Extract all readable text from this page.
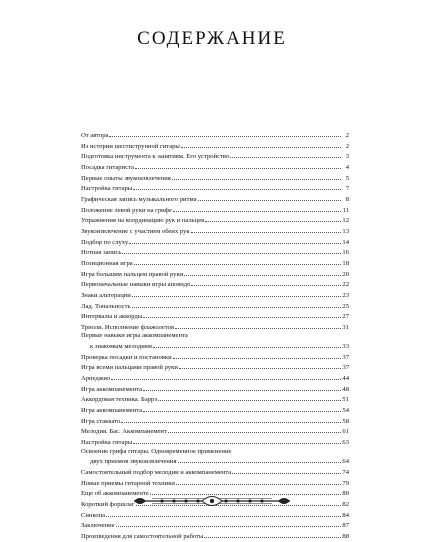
СОДЕРЖАНИЕ
От автора	2
Из истории шестиструнной гитары	2
Подготовка инструмента к занятиям. Его устройство	3
Посадка гитариста	4
Первые опыты звукоизвлечения	5
Настройка гитары	7
Графическая запись музыкального ритма	8
Положение левой руки на грифе	11
Упражнения на координацию рук и пальцев	12
Звукоизвлечение с участием обеих рук	13
Подбор по слуху	14
Нотная запись	16
Позиционная игра	18
Игра большим пальцем правой руки	20
Первоначальные навыки игры апояндо	22
Знаки альтерации	23
Лад. Тональность	25
Интервалы и аккорды	27
Триоли. Исполнение флажолетов	31
Первые навыки игры аккомпанемента
к знакомым мелодиям	33
Проверка посадки и постановки	37
Игра всеми пальцами правой руки	37
Арпеджио	44
Игра аккомпанемента	48
Аккордовая техника. Баррэ	51
Игра аккомпанемента	54
Игра стаккато	58
Мелодия. Бас. Аккомпанемент	61
Настройка гитары	63
Освоение грифа гитары. Одновременное применение
двух приемов звукоизвлечения	64
Самостоятельный подбор мелодии и аккомпанемента	74
Новые приемы гитарной техники	79
Еще об аккомпанементе	80
Короткий форшлаг	82
Синкопа	84
Заключение	87
Произведения для самостоятельной работы	88
